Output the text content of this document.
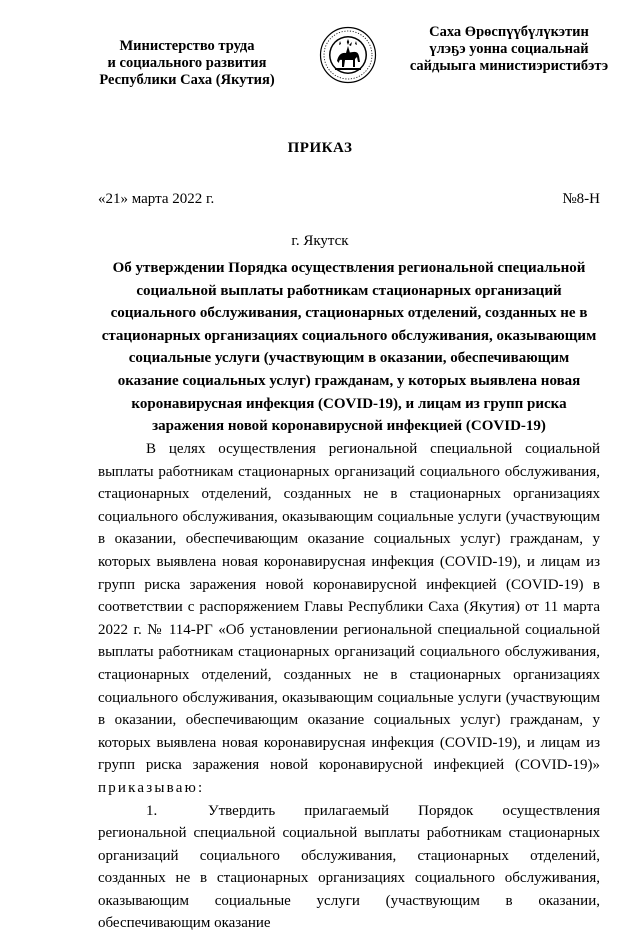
Министерство труда
и социального развития
Республики Саха (Якутия)
Саха Өрөспүүбүлүкэтин
үлэҕэ уонна социальнай
сайдыыга министиэристибэтэ
ПРИКАЗ
«21» марта 2022 г.	№8-Н
г. Якутск
Об утверждении Порядка осуществления региональной специальной социальной выплаты работникам стационарных организаций социального обслуживания, стационарных отделений, созданных не в стационарных организациях социального обслуживания, оказывающим социальные услуги (участвующим в оказании, обеспечивающим оказание социальных услуг) гражданам, у которых выявлена новая коронавирусная инфекция (COVID-19), и лицам из групп риска заражения новой коронавирусной инфекцией (COVID-19)

В целях осуществления региональной специальной социальной выплаты работникам стационарных организаций социального обслуживания, стационарных отделений, созданных не в стационарных организациях социального обслуживания, оказывающим социальные услуги (участвующим в оказании, обеспечивающим оказание социальных услуг) гражданам, у которых выявлена новая коронавирусная инфекция (COVID-19), и лицам из групп риска заражения новой коронавирусной инфекцией (COVID-19) в соответствии с распоряжением Главы Республики Саха (Якутия) от 11 марта 2022 г. № 114-РГ «Об установлении региональной специальной социальной выплаты работникам стационарных организаций социального обслуживания, стационарных отделений, созданных не в стационарных организациях социального обслуживания, оказывающим социальные услуги (участвующим в оказании, обеспечивающим оказание социальных услуг) гражданам, у которых выявлена новая коронавирусная инфекция (COVID-19), и лицам из групп риска заражения новой коронавирусной инфекцией (COVID-19)» приказываю:

1.	Утвердить прилагаемый Порядок осуществления региональной специальной социальной выплаты работникам стационарных организаций социального обслуживания, стационарных отделений, созданных не в стационарных организациях социального обслуживания, оказывающим социальные услуги (участвующим в оказании, обеспечивающим оказание
